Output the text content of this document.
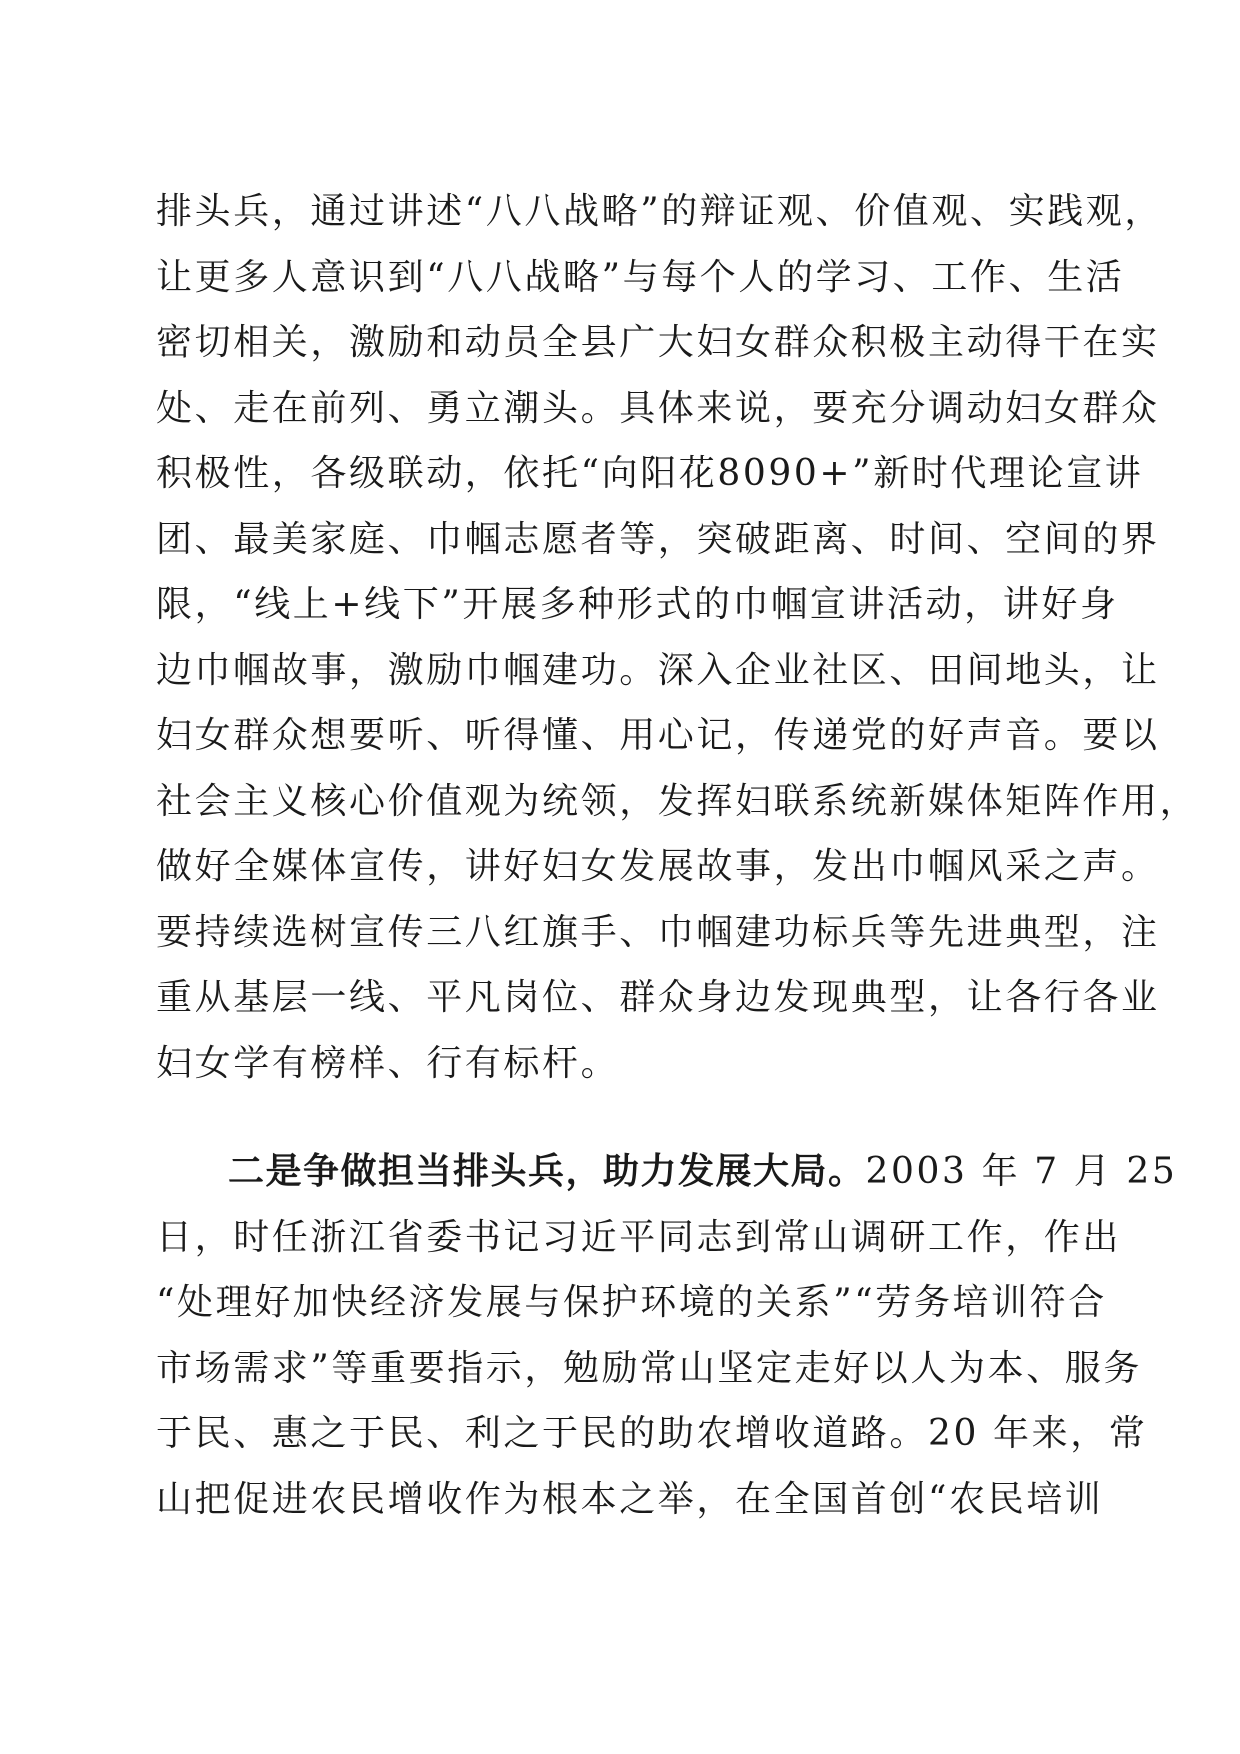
排头兵，通过讲述“八八战略”的辩证观、价值观、实践观，
让更多人意识到“八八战略”与每个人的学习、工作、生活
密切相关，激励和动员全县广大妇女群众积极主动得干在实
处、走在前列、勇立潮头。具体来说，要充分调动妇女群众
积极性，各级联动，依托“向阳花8090+”新时代理论宣讲
团、最美家庭、巾帼志愿者等，突破距离、时间、空间的界
限，“线上+线下”开展多种形式的巾帼宣讲活动，讲好身
边巾帼故事，激励巾帼建功。深入企业社区、田间地头，让
妇女群众想要听、听得懂、用心记，传递党的好声音。要以
社会主义核心价值观为统领，发挥妇联系统新媒体矩阵作用，
做好全媒体宣传，讲好妇女发展故事，发出巾帼风采之声。
要持续选树宣传三八红旗手、巾帼建功标兵等先进典型，注
重从基层一线、平凡岗位、群众身边发现典型，让各行各业
妇女学有榜样、行有标杆。
二是争做担当排头兵，助力发展大局。2003 年 7 月 25
日，时任浙江省委书记习近平同志到常山调研工作，作出
“处理好加快经济发展与保护环境的关系”“劳务培训符合
市场需求”等重要指示，勉励常山坚定走好以人为本、服务
于民、惠之于民、利之于民的助农增收道路。20 年来，常
山把促进农民增收作为根本之举，在全国首创“农民培训
